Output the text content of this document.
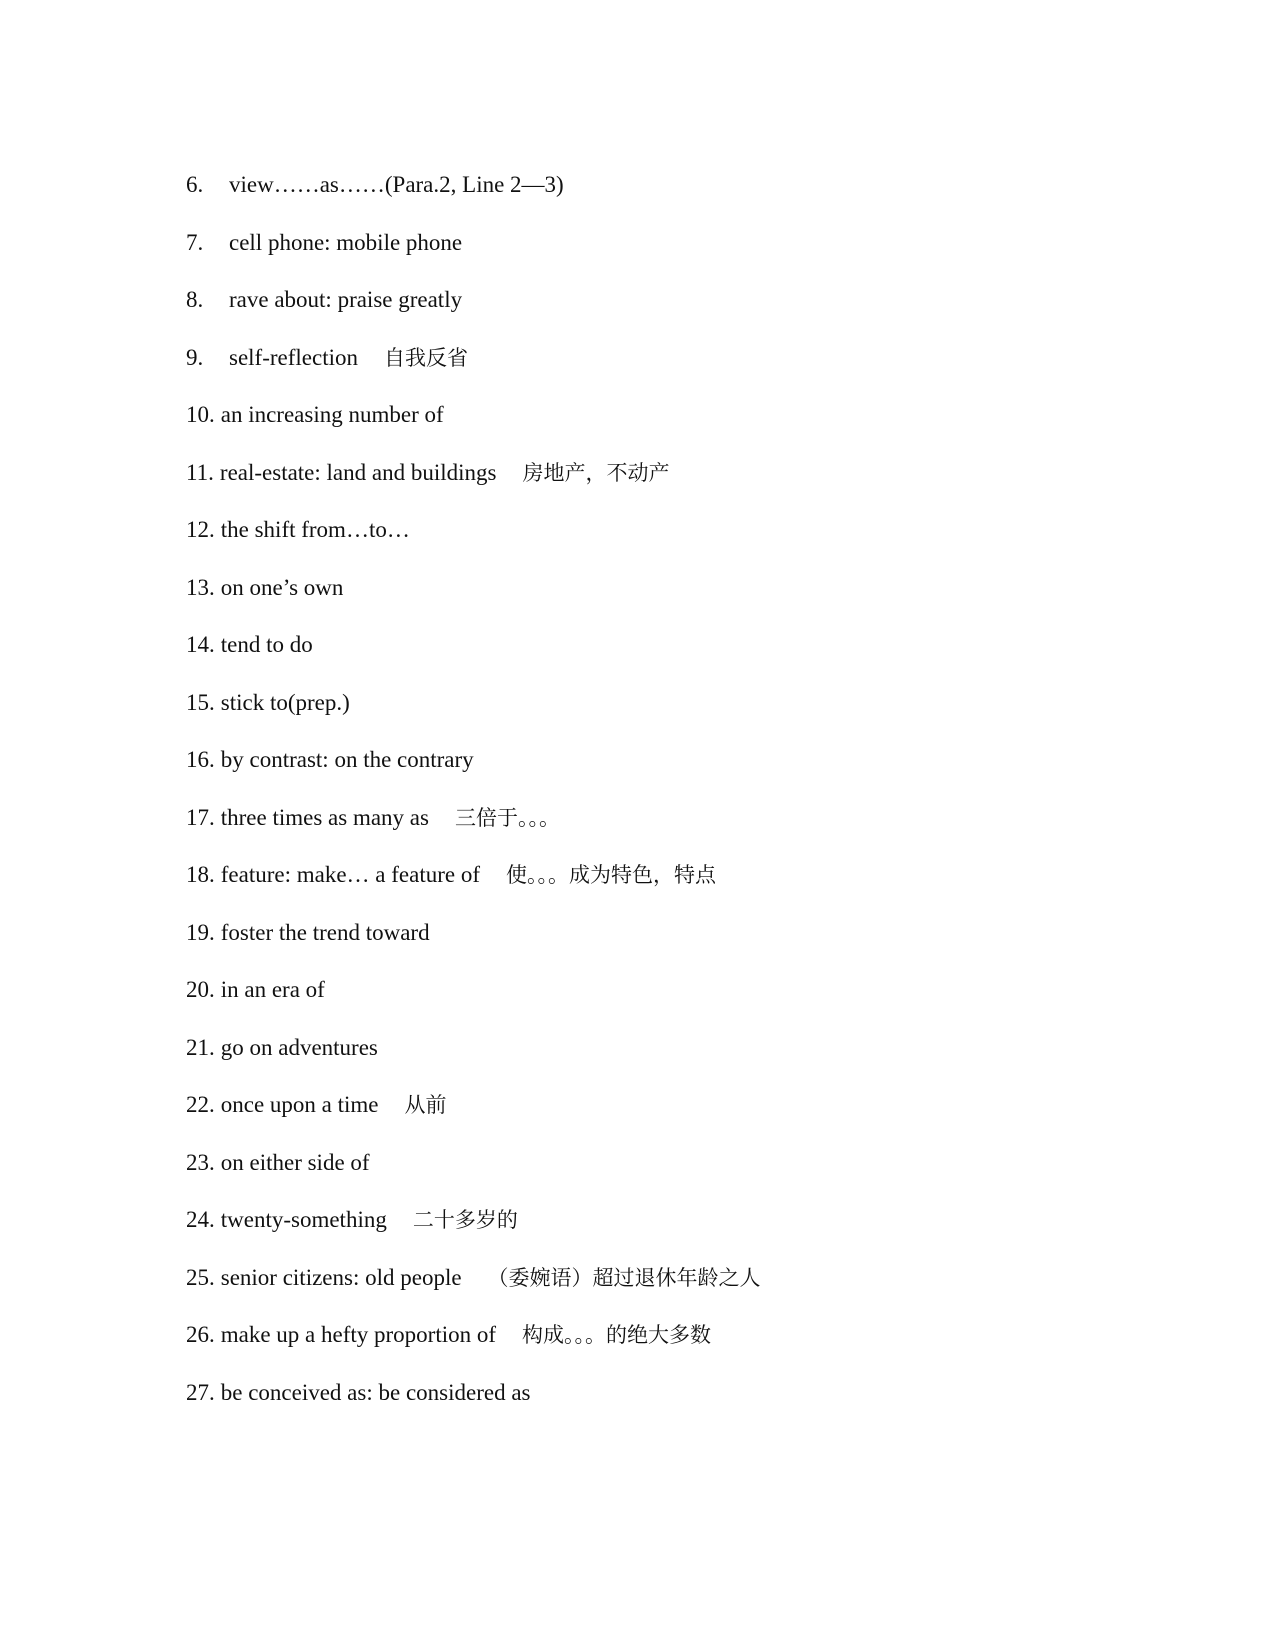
6. view……as……(Para.2, Line 2—3)
7. cell phone: mobile phone
8. rave about: praise greatly
9. self-reflection 自我反省
10. an increasing number of
11. real-estate: land and buildings 房地产，不动产
12. the shift from…to…
13. on one’s own
14. tend to do
15. stick to(prep.)
16. by contrast: on the contrary
17. three times as many as 三倍于。。。
18. feature: make… a feature of 使。。。成为特色，特点
19. foster the trend toward
20. in an era of
21. go on adventures
22. once upon a time 从前
23. on either side of
24. twenty-something 二十多岁的
25. senior citizens: old people （委婉语）超过退休年龄之人
26. make up a hefty proportion of 构成。。。的绝大多数
27. be conceived as: be considered as
